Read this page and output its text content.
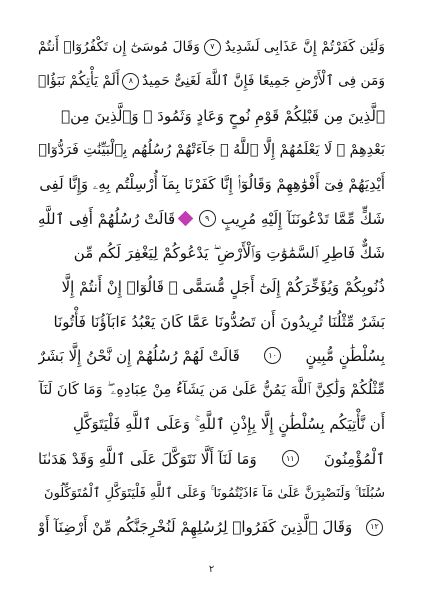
وَلَئِن كَفَرْتُمْ إِنَّ عَذَابِى لَشَدِيدٌ
٧
وَقَالَ مُوسَىٰٓ إِن تَكْفُرُوٓا۟ أَنتُمْ
وَمَن فِى ٱلْأَرْضِ جَمِيعًا فَإِنَّ ٱللَّهَ لَغَنِىٌّ حَمِيدٌ
٨
أَلَمْ يَأْتِكُمْ نَبَؤُا۟
ٱلَّذِينَ مِن قَبْلِكُمْ قَوْمِ نُوحٍ وَعَادٍ وَثَمُودَ ۛ وَٱلَّذِينَ مِنۢ
بَعْدِهِمْ ۛ لَا يَعْلَمُهُمْ إِلَّا ٱللَّهُ ۚ جَآءَتْهُمْ رُسُلُهُم بِٱلْبَيِّنَٰتِ فَرَدُّوٓا۟
أَيْدِيَهُمْ فِىٓ أَفْوَٰهِهِمْ وَقَالُوٓا۟ إِنَّا كَفَرْنَا بِمَآ أُرْسِلْتُم بِهِۦ وَإِنَّا لَفِى
شَكٍّ مِّمَّا تَدْعُونَنَآ إِلَيْهِ مُرِيبٍ
٩
قَالَتْ رُسُلُهُمْ أَفِى ٱللَّهِ
شَكٌّ فَاطِرِ ٱلسَّمَٰوَٰتِ وَٱلْأَرْضِ ۖ يَدْعُوكُمْ لِيَغْفِرَ لَكُم مِّن
ذُنُوبِكُمْ وَيُؤَخِّرَكُمْ إِلَىٰٓ أَجَلٍ مُّسَمًّى ۚ قَالُوٓا۟ إِنْ أَنتُمْ إِلَّا
بَشَرٌ مِّثْلُنَا تُرِيدُونَ أَن تَصُدُّونَا عَمَّا كَانَ يَعْبُدُ ءَابَآؤُنَا فَأْتُونَا
بِسُلْطَٰنٍ مُّبِينٍ
١٠
قَالَتْ لَهُمْ رُسُلُهُمْ إِن نَّحْنُ إِلَّا بَشَرٌ
مِّثْلُكُمْ وَلَٰكِنَّ ٱللَّهَ يَمُنُّ عَلَىٰ مَن يَشَآءُ مِنْ عِبَادِهِۦ ۖ وَمَا كَانَ لَنَآ
أَن نَّأْتِيَكُم بِسُلْطَٰنٍ إِلَّا بِإِذْنِ ٱللَّهِ ۚ وَعَلَى ٱللَّهِ فَلْيَتَوَكَّلِ
ٱلْمُؤْمِنُونَ
١١
وَمَا لَنَآ أَلَّا نَتَوَكَّلَ عَلَى ٱللَّهِ وَقَدْ هَدَىٰنَا
سُبُلَنَا ۚ وَلَنَصْبِرَنَّ عَلَىٰ مَآ ءَاذَيْتُمُونَا ۚ وَعَلَى ٱللَّهِ فَلْيَتَوَكَّلِ ٱلْمُتَوَكِّلُونَ
١٢
وَقَالَ ٱلَّذِينَ كَفَرُوا۟ لِرُسُلِهِمْ لَنُخْرِجَنَّكُم مِّنْ أَرْضِنَآ أَوْ
٢
